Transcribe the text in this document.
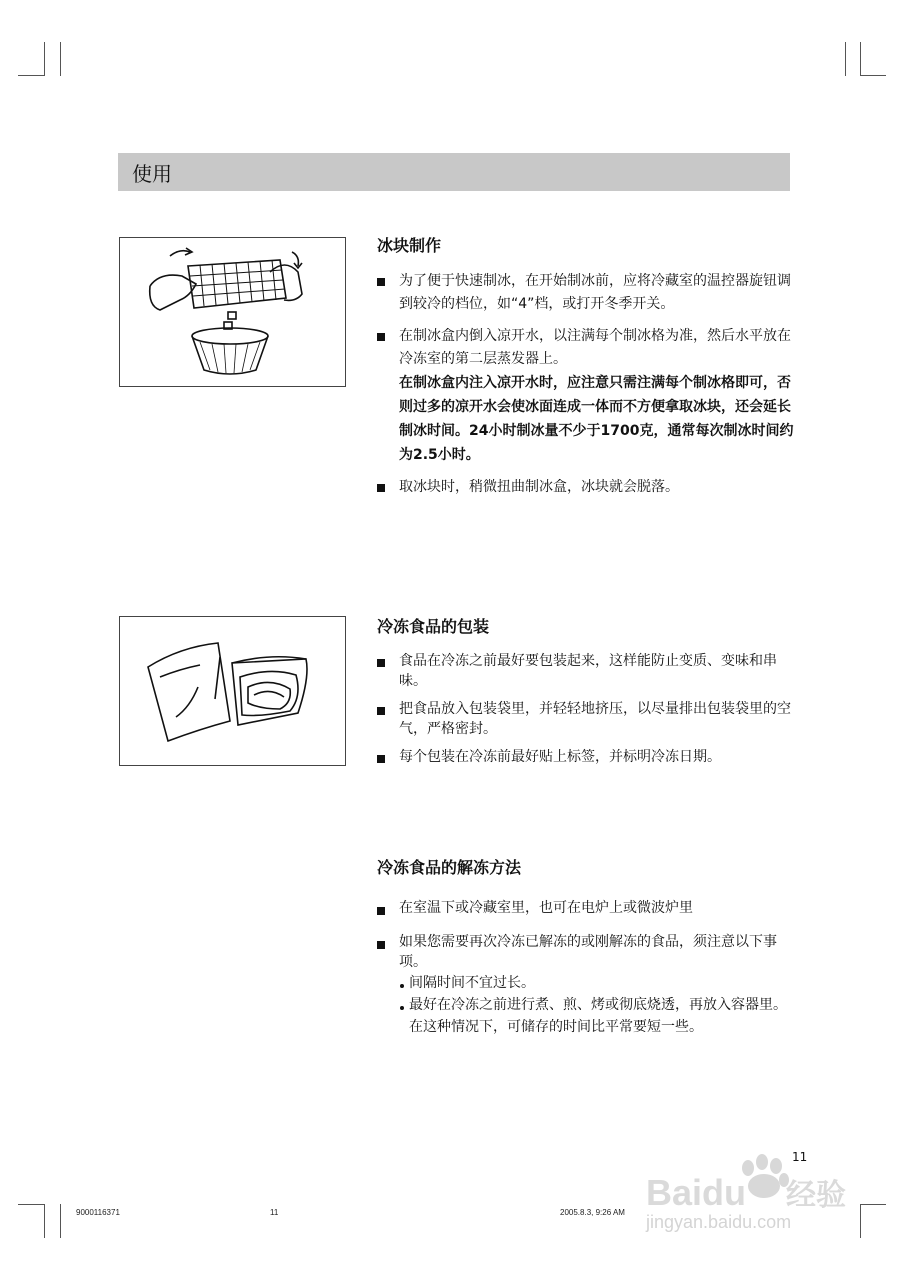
使用
冰块制作
为了便于快速制冰，在开始制冰前，应将冷藏室的温控器旋钮调到较冷的档位，如“4”档，或打开冬季开关。
在制冰盒内倒入凉开水，以注满每个制冰格为准，然后水平放在冷冻室的第二层蒸发器上。
在制冰盒内注入凉开水时，应注意只需注满每个制冰格即可，否则过多的凉开水会使冰面连成一体而不方便拿取冰块，还会延长制冰时间。24小时制冰量不少于1700克，通常每次制冰时间约为2.5小时。
取冰块时，稍微扭曲制冰盒，冰块就会脱落。
冷冻食品的包装
食品在冷冻之前最好要包装起来，这样能防止变质、变味和串味。
把食品放入包装袋里，并轻轻地挤压，以尽量排出包装袋里的空气，严格密封。
每个包装在冷冻前最好贴上标签，并标明冷冻日期。
冷冻食品的解冻方法
在室温下或冷藏室里，也可在电炉上或微波炉里
如果您需要再次冷冻已解冻的或刚解冻的食品，须注意以下事项。
间隔时间不宜过长。
最好在冷冻之前进行煮、煎、烤或彻底烧透，再放入容器里。在这种情况下，可储存的时间比平常要短一些。
11
9000116371	11	2005.8.3, 9:26 AM Baidu 经验
jingyan.baidu.com
